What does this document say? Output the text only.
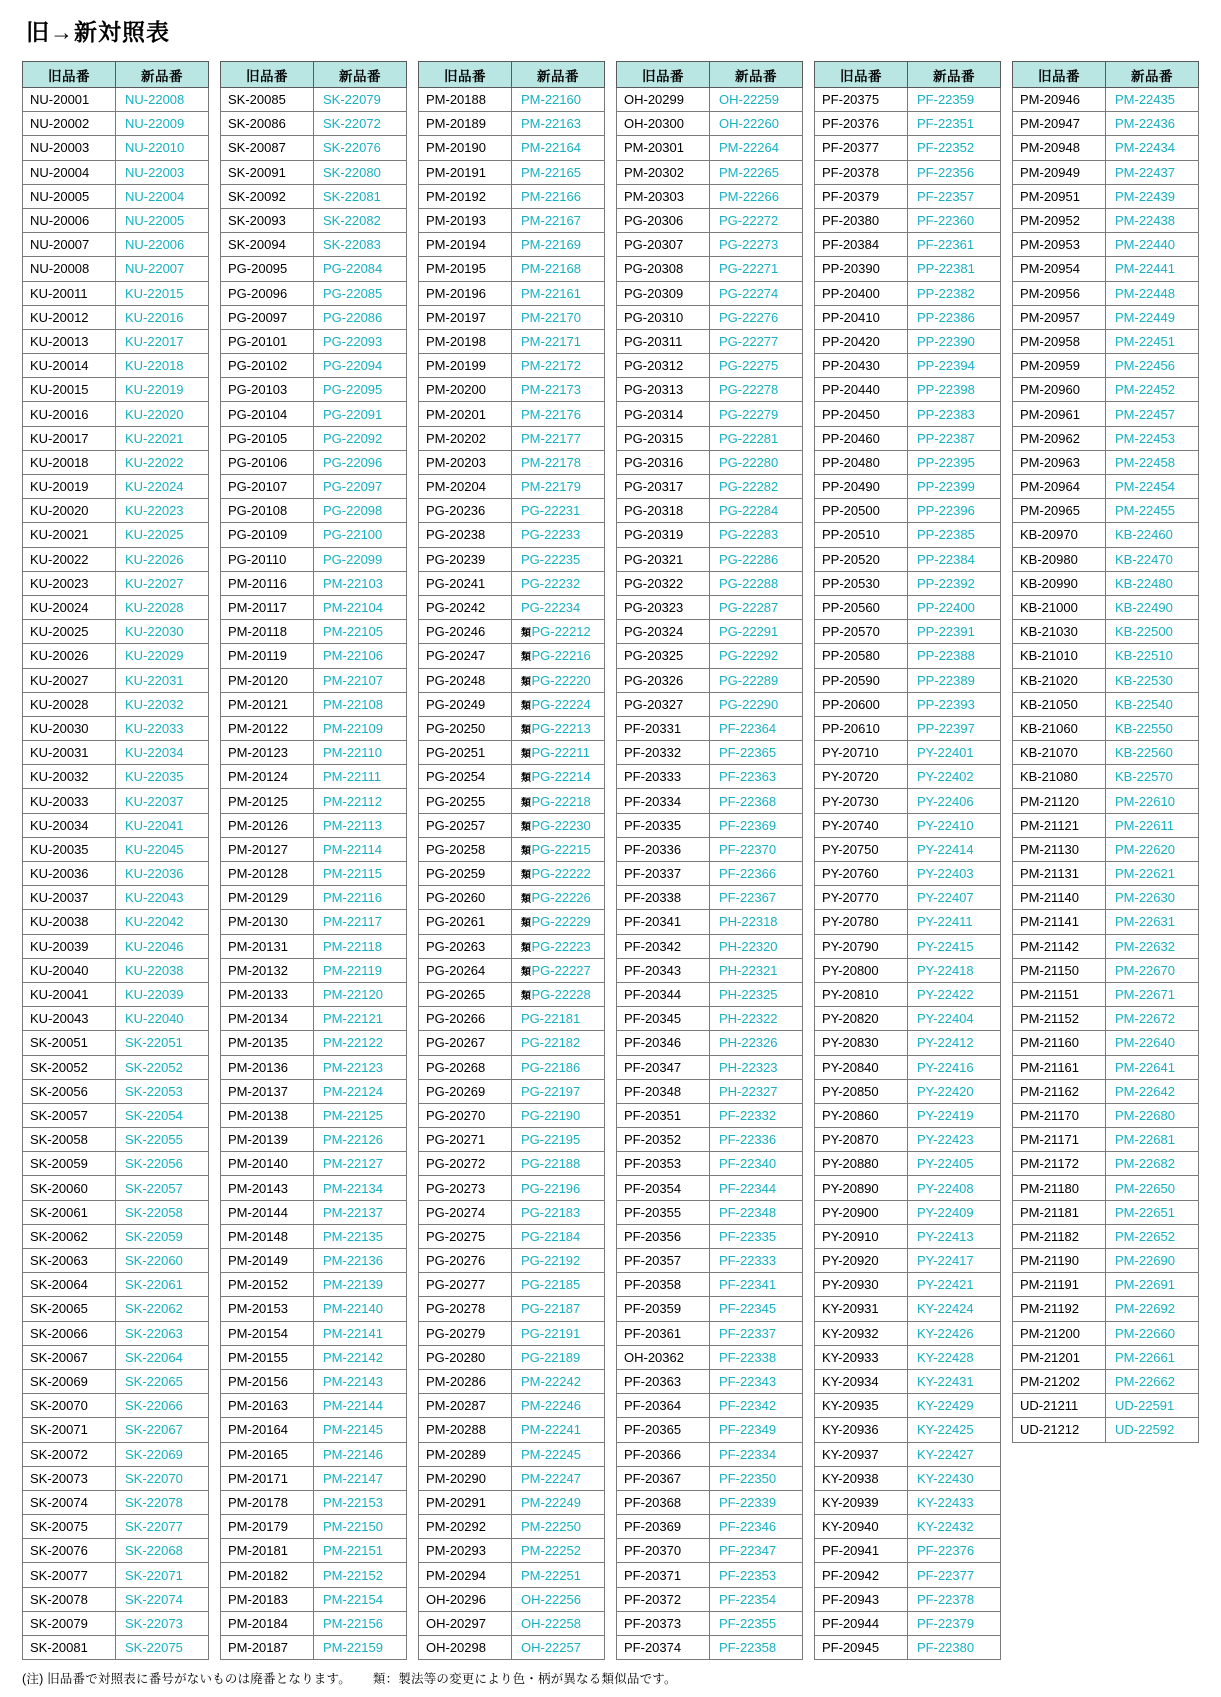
旧→新対照表
旧品番	新品番
NU-20001	NU-22008
NU-20002	NU-22009
NU-20003	NU-22010
NU-20004	NU-22003
NU-20005	NU-22004
NU-20006	NU-22005
NU-20007	NU-22006
NU-20008	NU-22007
KU-20011	KU-22015
KU-20012	KU-22016
KU-20013	KU-22017
KU-20014	KU-22018
KU-20015	KU-22019
KU-20016	KU-22020
KU-20017	KU-22021
KU-20018	KU-22022
KU-20019	KU-22024
KU-20020	KU-22023
KU-20021	KU-22025
KU-20022	KU-22026
KU-20023	KU-22027
KU-20024	KU-22028
KU-20025	KU-22030
KU-20026	KU-22029
KU-20027	KU-22031
KU-20028	KU-22032
KU-20030	KU-22033
KU-20031	KU-22034
KU-20032	KU-22035
KU-20033	KU-22037
KU-20034	KU-22041
KU-20035	KU-22045
KU-20036	KU-22036
KU-20037	KU-22043
KU-20038	KU-22042
KU-20039	KU-22046
KU-20040	KU-22038
KU-20041	KU-22039
KU-20043	KU-22040
SK-20051	SK-22051
SK-20052	SK-22052
SK-20056	SK-22053
SK-20057	SK-22054
SK-20058	SK-22055
SK-20059	SK-22056
SK-20060	SK-22057
SK-20061	SK-22058
SK-20062	SK-22059
SK-20063	SK-22060
SK-20064	SK-22061
SK-20065	SK-22062
SK-20066	SK-22063
SK-20067	SK-22064
SK-20069	SK-22065
SK-20070	SK-22066
SK-20071	SK-22067
SK-20072	SK-22069
SK-20073	SK-22070
SK-20074	SK-22078
SK-20075	SK-22077
SK-20076	SK-22068
SK-20077	SK-22071
SK-20078	SK-22074
SK-20079	SK-22073
SK-20081	SK-22075
旧品番	新品番
SK-20085	SK-22079
SK-20086	SK-22072
SK-20087	SK-22076
SK-20091	SK-22080
SK-20092	SK-22081
SK-20093	SK-22082
SK-20094	SK-22083
PG-20095	PG-22084
PG-20096	PG-22085
PG-20097	PG-22086
PG-20101	PG-22093
PG-20102	PG-22094
PG-20103	PG-22095
PG-20104	PG-22091
PG-20105	PG-22092
PG-20106	PG-22096
PG-20107	PG-22097
PG-20108	PG-22098
PG-20109	PG-22100
PG-20110	PG-22099
PM-20116	PM-22103
PM-20117	PM-22104
PM-20118	PM-22105
PM-20119	PM-22106
PM-20120	PM-22107
PM-20121	PM-22108
PM-20122	PM-22109
PM-20123	PM-22110
PM-20124	PM-22111
PM-20125	PM-22112
PM-20126	PM-22113
PM-20127	PM-22114
PM-20128	PM-22115
PM-20129	PM-22116
PM-20130	PM-22117
PM-20131	PM-22118
PM-20132	PM-22119
PM-20133	PM-22120
PM-20134	PM-22121
PM-20135	PM-22122
PM-20136	PM-22123
PM-20137	PM-22124
PM-20138	PM-22125
PM-20139	PM-22126
PM-20140	PM-22127
PM-20143	PM-22134
PM-20144	PM-22137
PM-20148	PM-22135
PM-20149	PM-22136
PM-20152	PM-22139
PM-20153	PM-22140
PM-20154	PM-22141
PM-20155	PM-22142
PM-20156	PM-22143
PM-20163	PM-22144
PM-20164	PM-22145
PM-20165	PM-22146
PM-20171	PM-22147
PM-20178	PM-22153
PM-20179	PM-22150
PM-20181	PM-22151
PM-20182	PM-22152
PM-20183	PM-22154
PM-20184	PM-22156
PM-20187	PM-22159
旧品番	新品番
PM-20188	PM-22160
PM-20189	PM-22163
PM-20190	PM-22164
PM-20191	PM-22165
PM-20192	PM-22166
PM-20193	PM-22167
PM-20194	PM-22169
PM-20195	PM-22168
PM-20196	PM-22161
PM-20197	PM-22170
PM-20198	PM-22171
PM-20199	PM-22172
PM-20200	PM-22173
PM-20201	PM-22176
PM-20202	PM-22177
PM-20203	PM-22178
PM-20204	PM-22179
PG-20236	PG-22231
PG-20238	PG-22233
PG-20239	PG-22235
PG-20241	PG-22232
PG-20242	PG-22234
PG-20246	類PG-22212
PG-20247	類PG-22216
PG-20248	類PG-22220
PG-20249	類PG-22224
PG-20250	類PG-22213
PG-20251	類PG-22211
PG-20254	類PG-22214
PG-20255	類PG-22218
PG-20257	類PG-22230
PG-20258	類PG-22215
PG-20259	類PG-22222
PG-20260	類PG-22226
PG-20261	類PG-22229
PG-20263	類PG-22223
PG-20264	類PG-22227
PG-20265	類PG-22228
PG-20266	PG-22181
PG-20267	PG-22182
PG-20268	PG-22186
PG-20269	PG-22197
PG-20270	PG-22190
PG-20271	PG-22195
PG-20272	PG-22188
PG-20273	PG-22196
PG-20274	PG-22183
PG-20275	PG-22184
PG-20276	PG-22192
PG-20277	PG-22185
PG-20278	PG-22187
PG-20279	PG-22191
PG-20280	PG-22189
PM-20286	PM-22242
PM-20287	PM-22246
PM-20288	PM-22241
PM-20289	PM-22245
PM-20290	PM-22247
PM-20291	PM-22249
PM-20292	PM-22250
PM-20293	PM-22252
PM-20294	PM-22251
OH-20296	OH-22256
OH-20297	OH-22258
OH-20298	OH-22257
旧品番	新品番
OH-20299	OH-22259
OH-20300	OH-22260
PM-20301	PM-22264
PM-20302	PM-22265
PM-20303	PM-22266
PG-20306	PG-22272
PG-20307	PG-22273
PG-20308	PG-22271
PG-20309	PG-22274
PG-20310	PG-22276
PG-20311	PG-22277
PG-20312	PG-22275
PG-20313	PG-22278
PG-20314	PG-22279
PG-20315	PG-22281
PG-20316	PG-22280
PG-20317	PG-22282
PG-20318	PG-22284
PG-20319	PG-22283
PG-20321	PG-22286
PG-20322	PG-22288
PG-20323	PG-22287
PG-20324	PG-22291
PG-20325	PG-22292
PG-20326	PG-22289
PG-20327	PG-22290
PF-20331	PF-22364
PF-20332	PF-22365
PF-20333	PF-22363
PF-20334	PF-22368
PF-20335	PF-22369
PF-20336	PF-22370
PF-20337	PF-22366
PF-20338	PF-22367
PF-20341	PH-22318
PF-20342	PH-22320
PF-20343	PH-22321
PF-20344	PH-22325
PF-20345	PH-22322
PF-20346	PH-22326
PF-20347	PH-22323
PF-20348	PH-22327
PF-20351	PF-22332
PF-20352	PF-22336
PF-20353	PF-22340
PF-20354	PF-22344
PF-20355	PF-22348
PF-20356	PF-22335
PF-20357	PF-22333
PF-20358	PF-22341
PF-20359	PF-22345
PF-20361	PF-22337
OH-20362	PF-22338
PF-20363	PF-22343
PF-20364	PF-22342
PF-20365	PF-22349
PF-20366	PF-22334
PF-20367	PF-22350
PF-20368	PF-22339
PF-20369	PF-22346
PF-20370	PF-22347
PF-20371	PF-22353
PF-20372	PF-22354
PF-20373	PF-22355
PF-20374	PF-22358
旧品番	新品番
PF-20375	PF-22359
PF-20376	PF-22351
PF-20377	PF-22352
PF-20378	PF-22356
PF-20379	PF-22357
PF-20380	PF-22360
PF-20384	PF-22361
PP-20390	PP-22381
PP-20400	PP-22382
PP-20410	PP-22386
PP-20420	PP-22390
PP-20430	PP-22394
PP-20440	PP-22398
PP-20450	PP-22383
PP-20460	PP-22387
PP-20480	PP-22395
PP-20490	PP-22399
PP-20500	PP-22396
PP-20510	PP-22385
PP-20520	PP-22384
PP-20530	PP-22392
PP-20560	PP-22400
PP-20570	PP-22391
PP-20580	PP-22388
PP-20590	PP-22389
PP-20600	PP-22393
PP-20610	PP-22397
PY-20710	PY-22401
PY-20720	PY-22402
PY-20730	PY-22406
PY-20740	PY-22410
PY-20750	PY-22414
PY-20760	PY-22403
PY-20770	PY-22407
PY-20780	PY-22411
PY-20790	PY-22415
PY-20800	PY-22418
PY-20810	PY-22422
PY-20820	PY-22404
PY-20830	PY-22412
PY-20840	PY-22416
PY-20850	PY-22420
PY-20860	PY-22419
PY-20870	PY-22423
PY-20880	PY-22405
PY-20890	PY-22408
PY-20900	PY-22409
PY-20910	PY-22413
PY-20920	PY-22417
PY-20930	PY-22421
KY-20931	KY-22424
KY-20932	KY-22426
KY-20933	KY-22428
KY-20934	KY-22431
KY-20935	KY-22429
KY-20936	KY-22425
KY-20937	KY-22427
KY-20938	KY-22430
KY-20939	KY-22433
KY-20940	KY-22432
PF-20941	PF-22376
PF-20942	PF-22377
PF-20943	PF-22378
PF-20944	PF-22379
PF-20945	PF-22380
旧品番	新品番
PM-20946	PM-22435
PM-20947	PM-22436
PM-20948	PM-22434
PM-20949	PM-22437
PM-20951	PM-22439
PM-20952	PM-22438
PM-20953	PM-22440
PM-20954	PM-22441
PM-20956	PM-22448
PM-20957	PM-22449
PM-20958	PM-22451
PM-20959	PM-22456
PM-20960	PM-22452
PM-20961	PM-22457
PM-20962	PM-22453
PM-20963	PM-22458
PM-20964	PM-22454
PM-20965	PM-22455
KB-20970	KB-22460
KB-20980	KB-22470
KB-20990	KB-22480
KB-21000	KB-22490
KB-21030	KB-22500
KB-21010	KB-22510
KB-21020	KB-22530
KB-21050	KB-22540
KB-21060	KB-22550
KB-21070	KB-22560
KB-21080	KB-22570
PM-21120	PM-22610
PM-21121	PM-22611
PM-21130	PM-22620
PM-21131	PM-22621
PM-21140	PM-22630
PM-21141	PM-22631
PM-21142	PM-22632
PM-21150	PM-22670
PM-21151	PM-22671
PM-21152	PM-22672
PM-21160	PM-22640
PM-21161	PM-22641
PM-21162	PM-22642
PM-21170	PM-22680
PM-21171	PM-22681
PM-21172	PM-22682
PM-21180	PM-22650
PM-21181	PM-22651
PM-21182	PM-22652
PM-21190	PM-22690
PM-21191	PM-22691
PM-21192	PM-22692
PM-21200	PM-22660
PM-21201	PM-22661
PM-21202	PM-22662
UD-21211	UD-22591
UD-21212	UD-22592
(注) 旧品番で対照表に番号がないものは廃番となります。 類：製法等の変更により色・柄が異なる類似品です。
